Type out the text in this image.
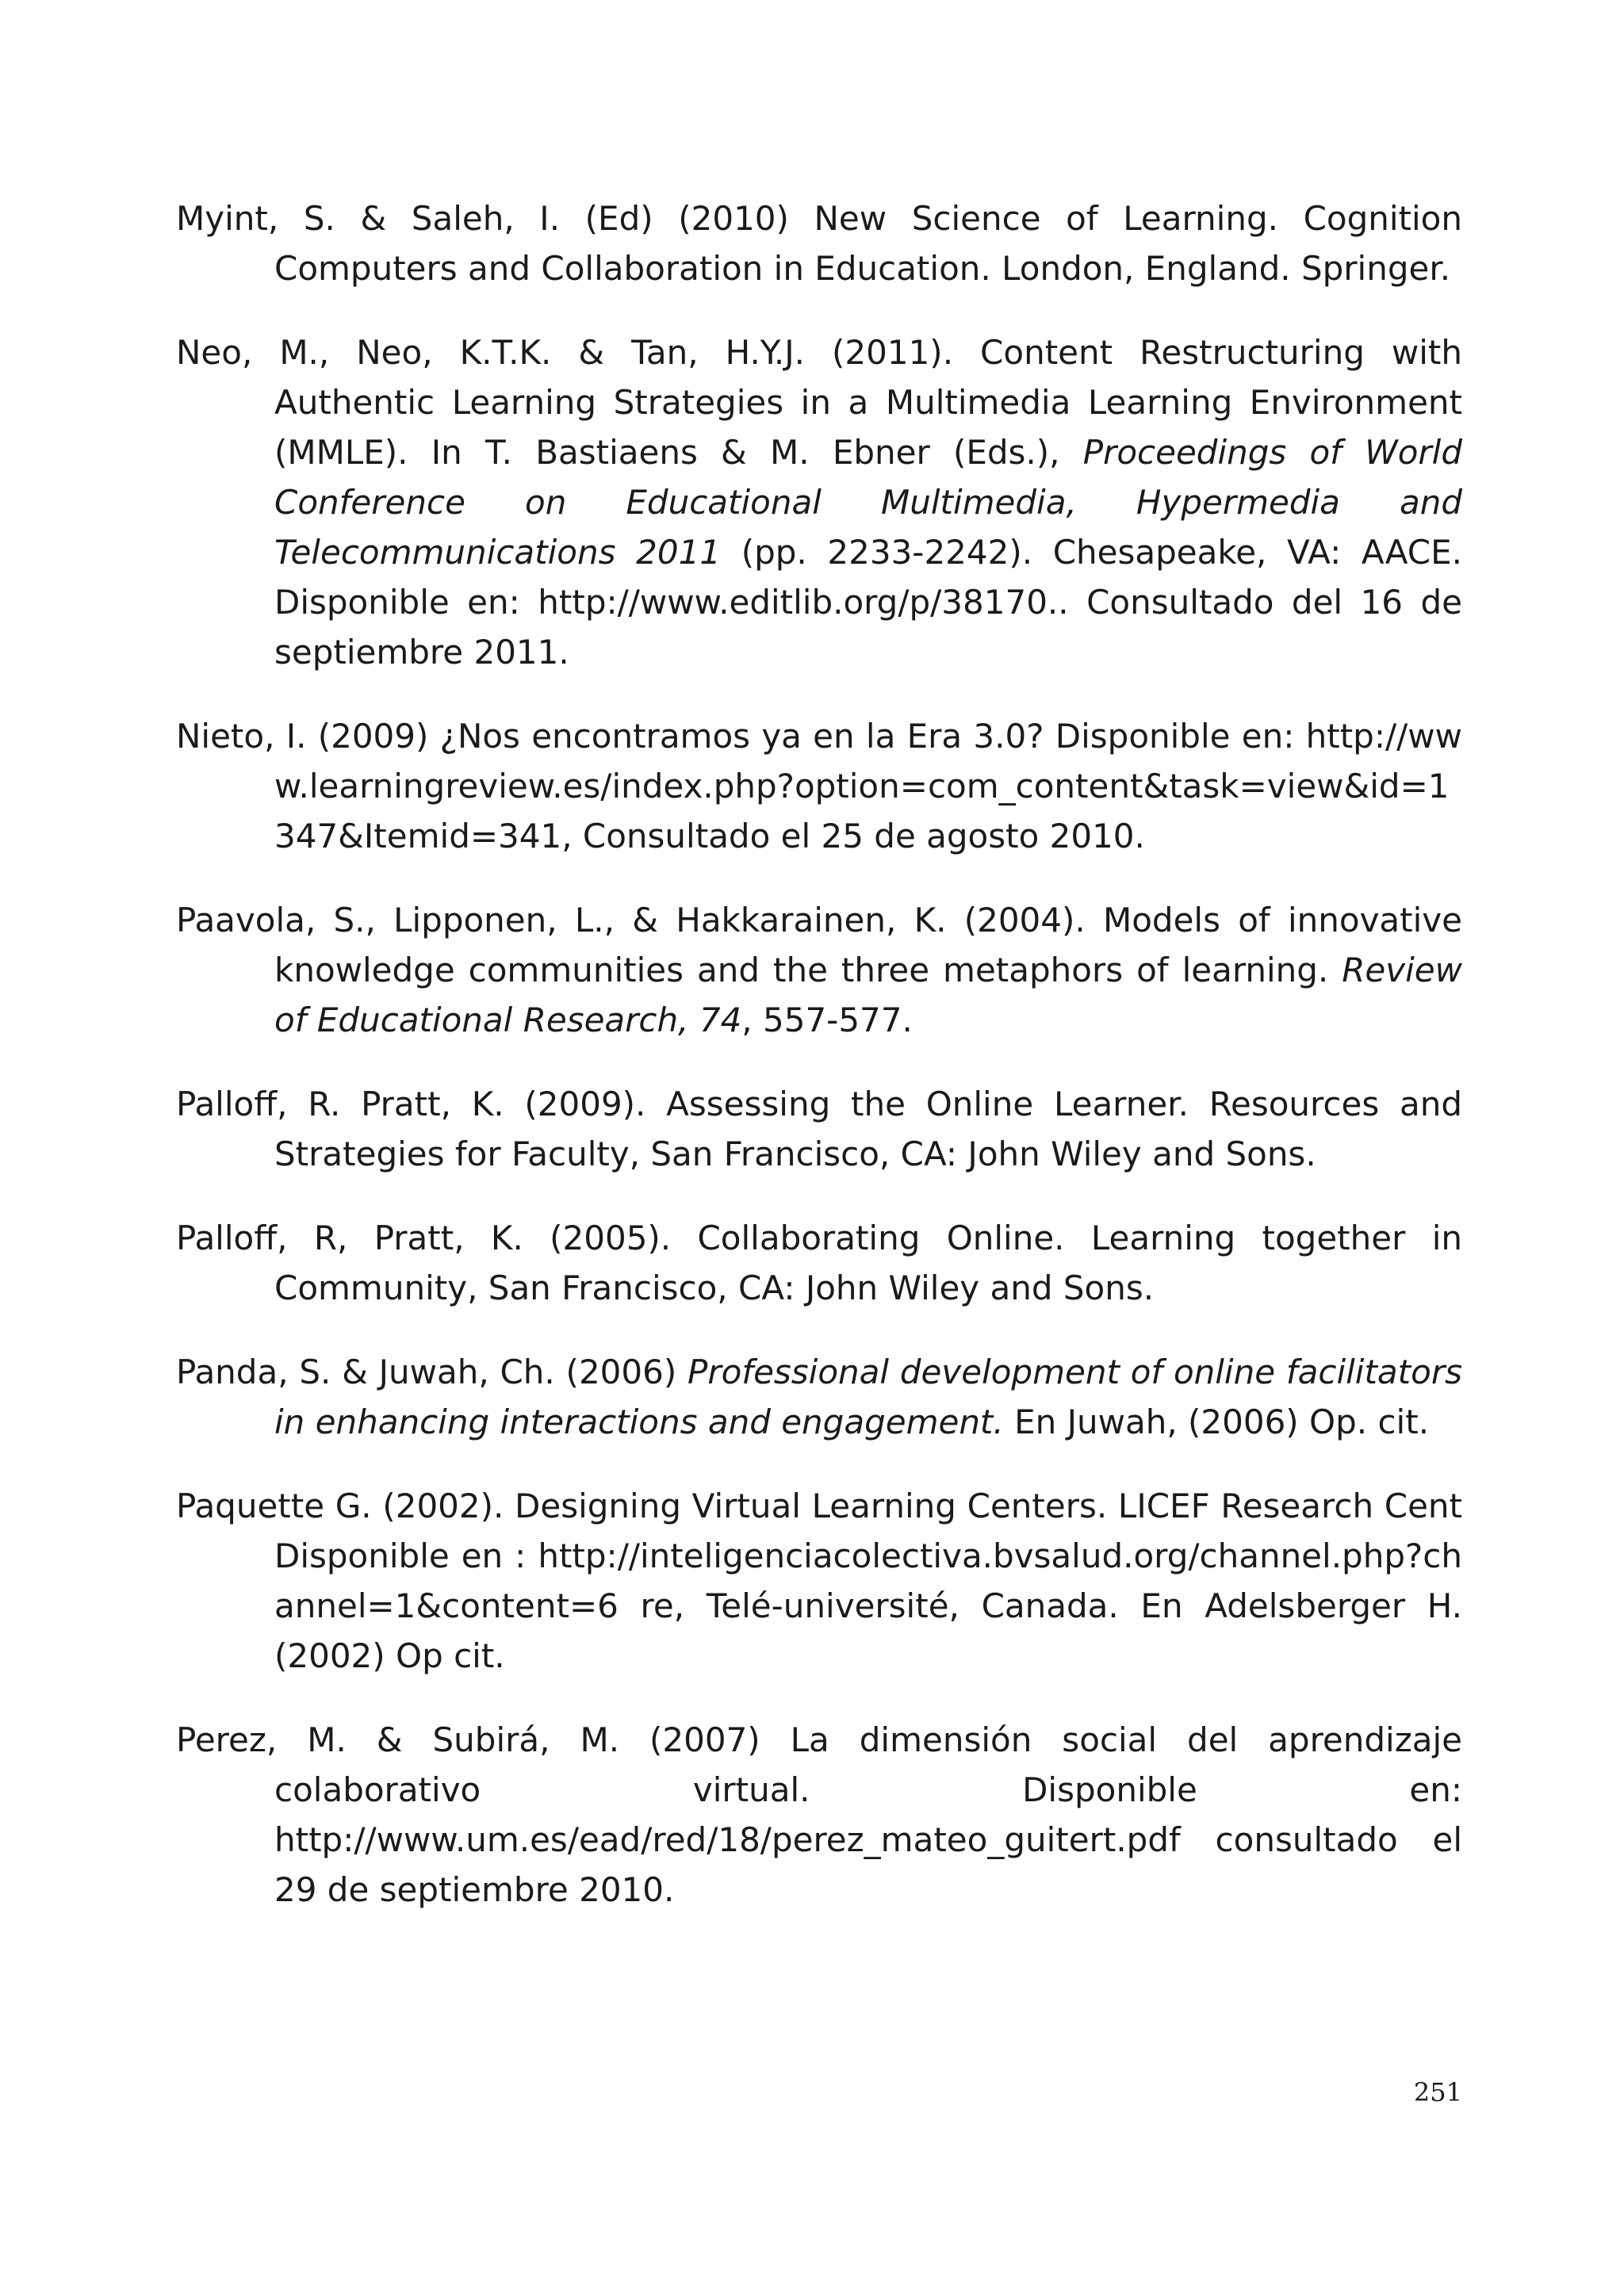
Myint, S. & Saleh, I. (Ed) (2010) New Science of Learning. Cognition Computers and Collaboration in Education. London, England. Springer.

Neo, M., Neo, K.T.K. & Tan, H.Y.J. (2011). Content Restructuring with Authentic Learning Strategies in a Multimedia Learning Environment (MMLE). In T. Bastiaens & M. Ebner (Eds.), Proceedings of World Conference on Educational Multimedia, Hypermedia and Telecommunications 2011 (pp. 2233-2242). Chesapeake, VA: AACE. Disponible en: http://www.editlib.org/p/38170.. Consultado del 16 de septiembre 2011.

Nieto, I. (2009) ¿Nos encontramos ya en la Era 3.0? Disponible en: http://www.learningreview.es/index.php?option=com_content&task=view&id=1347&Itemid=341, Consultado el 25 de agosto 2010.

Paavola, S., Lipponen, L., & Hakkarainen, K. (2004). Models of innovative knowledge communities and the three metaphors of learning. Review of Educational Research, 74, 557-577.

Palloff, R. Pratt, K. (2009). Assessing the Online Learner. Resources and Strategies for Faculty, San Francisco, CA: John Wiley and Sons.

Palloff, R, Pratt, K. (2005). Collaborating Online. Learning together in Community, San Francisco, CA: John Wiley and Sons.

Panda, S. & Juwah, Ch. (2006) Professional development of online facilitators in enhancing interactions and engagement. En Juwah, (2006) Op. cit.

Paquette G. (2002). Designing Virtual Learning Centers. LICEF Research Cent Disponible en : http://inteligenciacolectiva.bvsalud.org/channel.php?channel=1&content=6 re, Telé-université, Canada. En Adelsberger H. (2002) Op cit.

Perez, M. & Subirá, M. (2007) La dimensión social del aprendizaje colaborativo virtual. Disponible en: http://www.um.es/ead/red/18/perez_mateo_guitert.pdf consultado el 29 de septiembre 2010.

251
